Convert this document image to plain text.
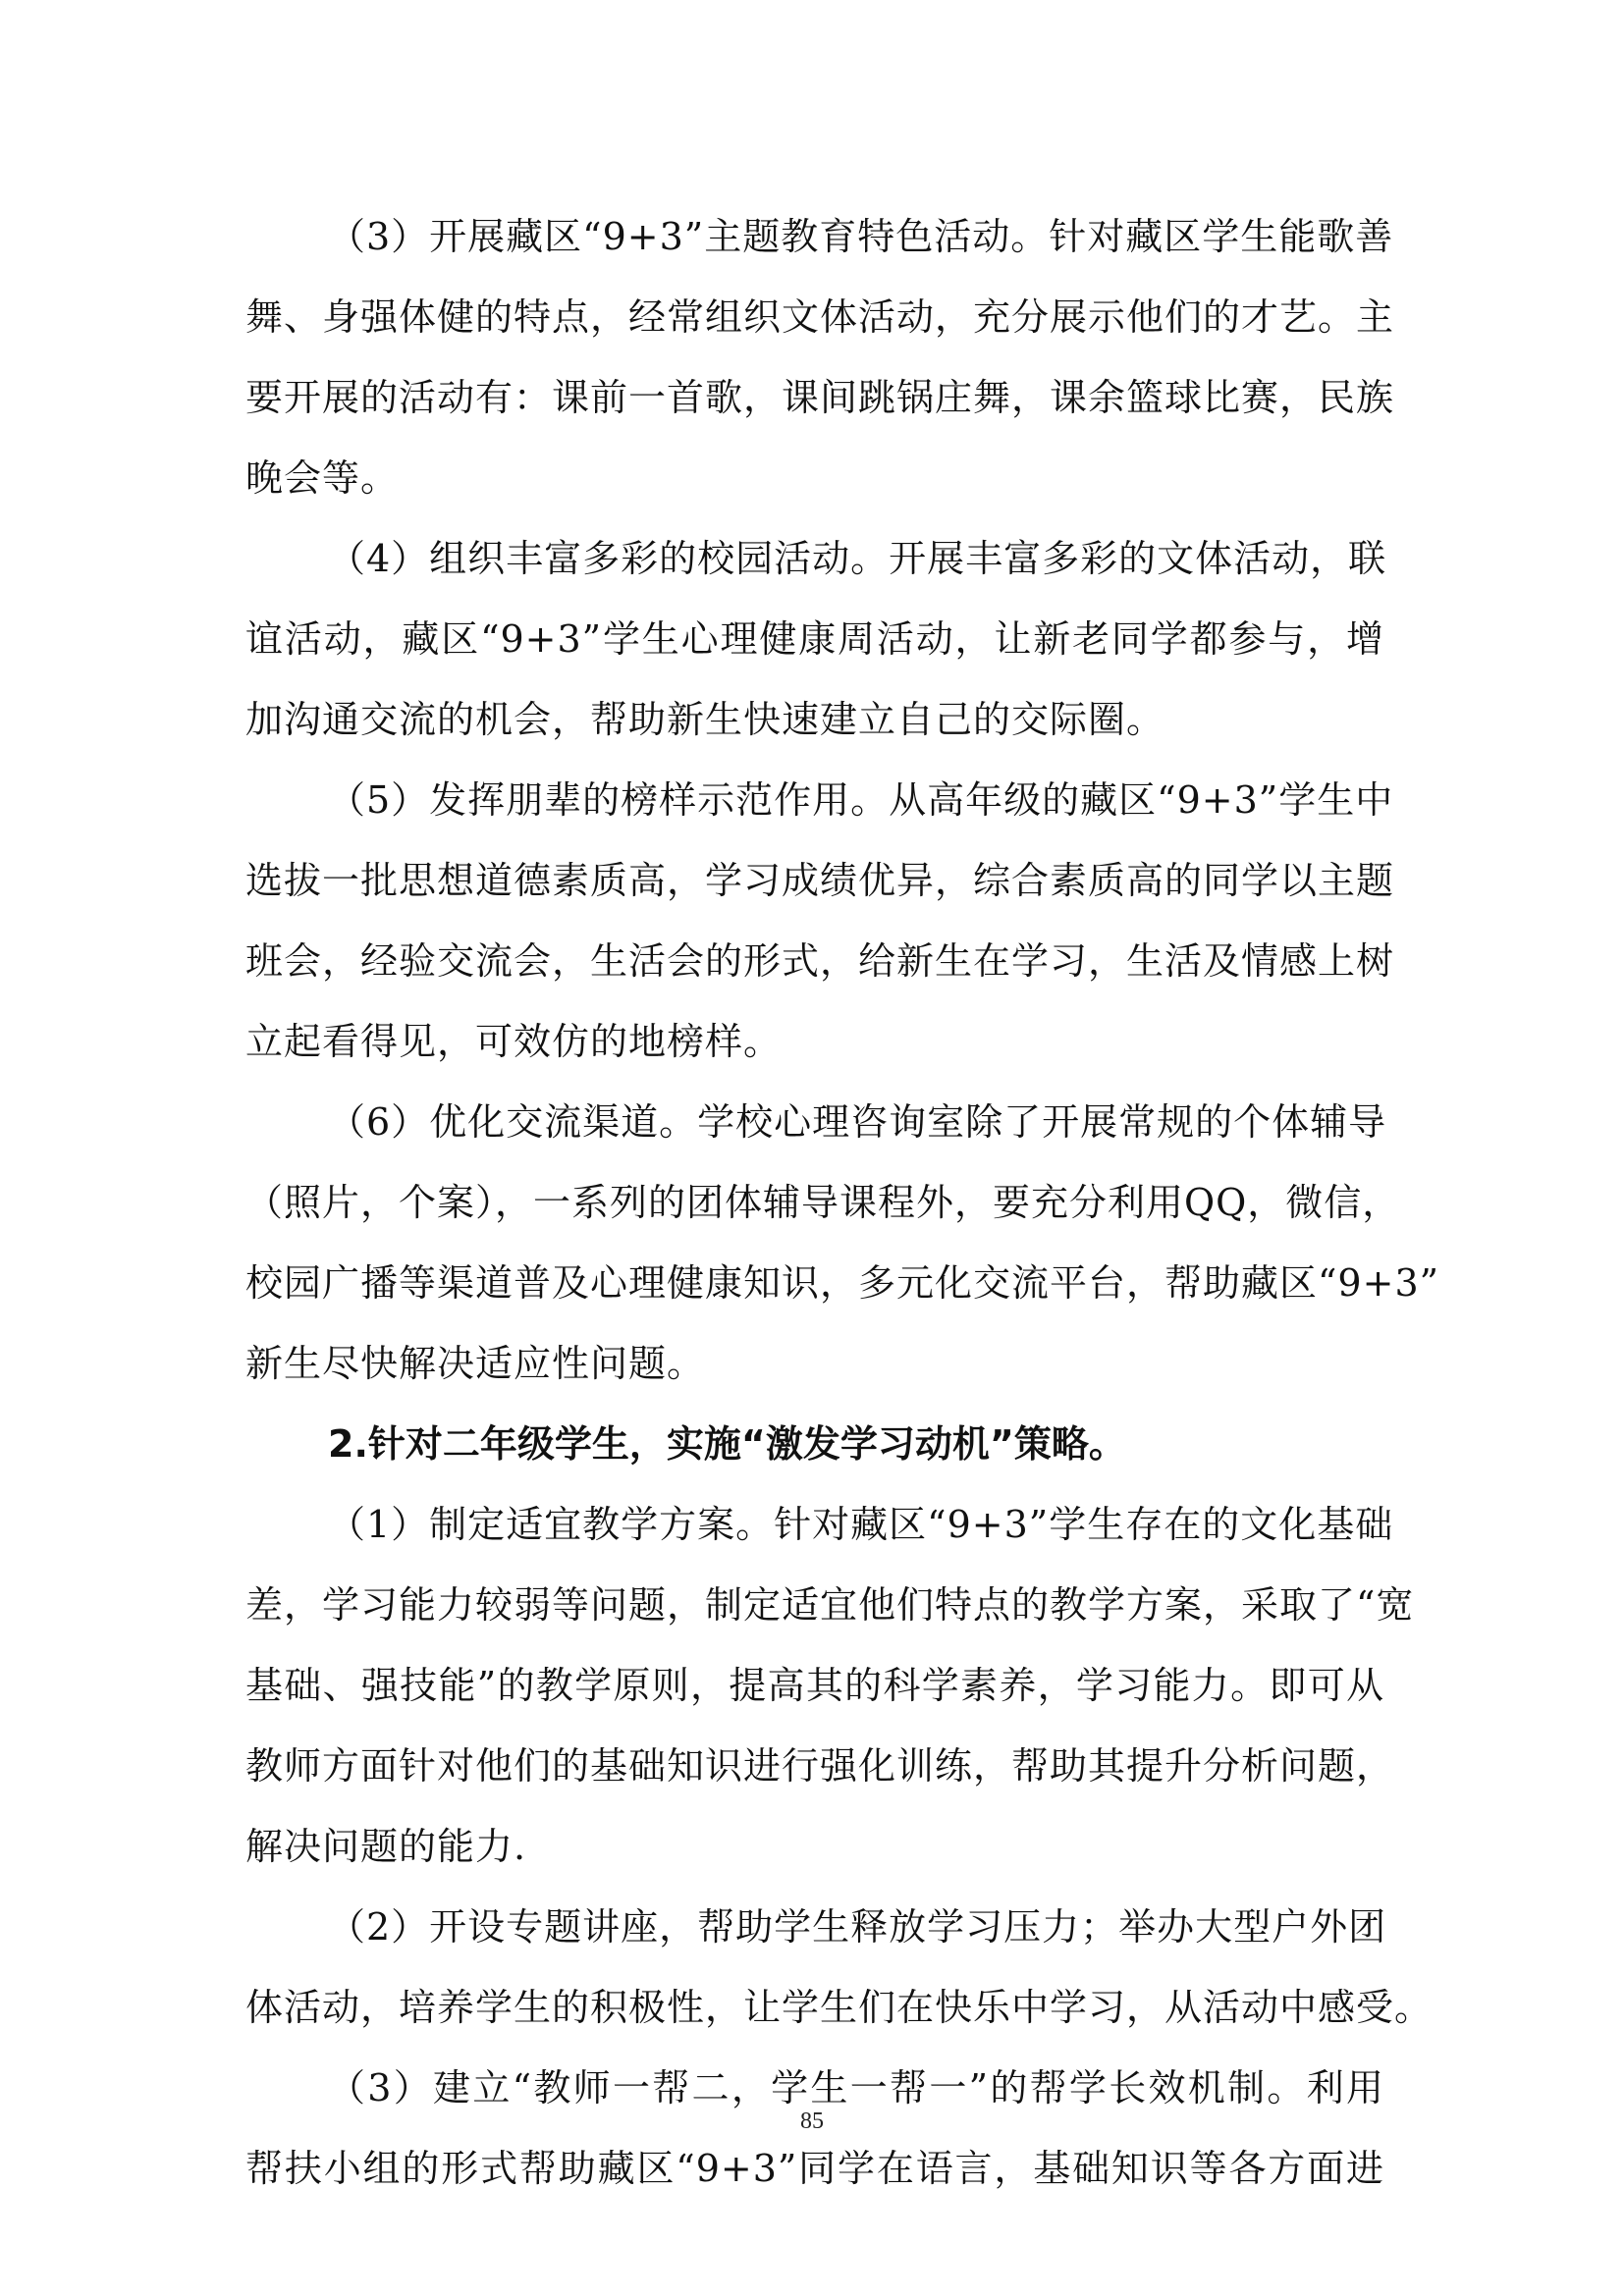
（3）开展藏区“9+3”主题教育特色活动。针对藏区学生能歌善
舞、身强体健的特点，经常组织文体活动，充分展示他们的才艺。主
要开展的活动有：课前一首歌，课间跳锅庄舞，课余篮球比赛，民族
晚会等。
（4）组织丰富多彩的校园活动。开展丰富多彩的文体活动，联
谊活动，藏区“9+3”学生心理健康周活动，让新老同学都参与，增
加沟通交流的机会，帮助新生快速建立自己的交际圈。
（5）发挥朋辈的榜样示范作用。从高年级的藏区“9+3”学生中
选拔一批思想道德素质高，学习成绩优异，综合素质高的同学以主题
班会，经验交流会，生活会的形式，给新生在学习，生活及情感上树
立起看得见，可效仿的地榜样。
（6）优化交流渠道。学校心理咨询室除了开展常规的个体辅导
（照片，个案），一系列的团体辅导课程外，要充分利用QQ，微信，
校园广播等渠道普及心理健康知识，多元化交流平台，帮助藏区“9+3”
新生尽快解决适应性问题。
2.针对二年级学生，实施“激发学习动机”策略。
（1）制定适宜教学方案。针对藏区“9+3”学生存在的文化基础
差，学习能力较弱等问题，制定适宜他们特点的教学方案，采取了“宽
基础、强技能”的教学原则，提高其的科学素养，学习能力。即可从
教师方面针对他们的基础知识进行强化训练，帮助其提升分析问题，
解决问题的能力.
（2）开设专题讲座，帮助学生释放学习压力；举办大型户外团
体活动，培养学生的积极性，让学生们在快乐中学习，从活动中感受。
（3）建立“教师一帮二，学生一帮一”的帮学长效机制。利用
帮扶小组的形式帮助藏区“9+3”同学在语言，基础知识等各方面进
85
